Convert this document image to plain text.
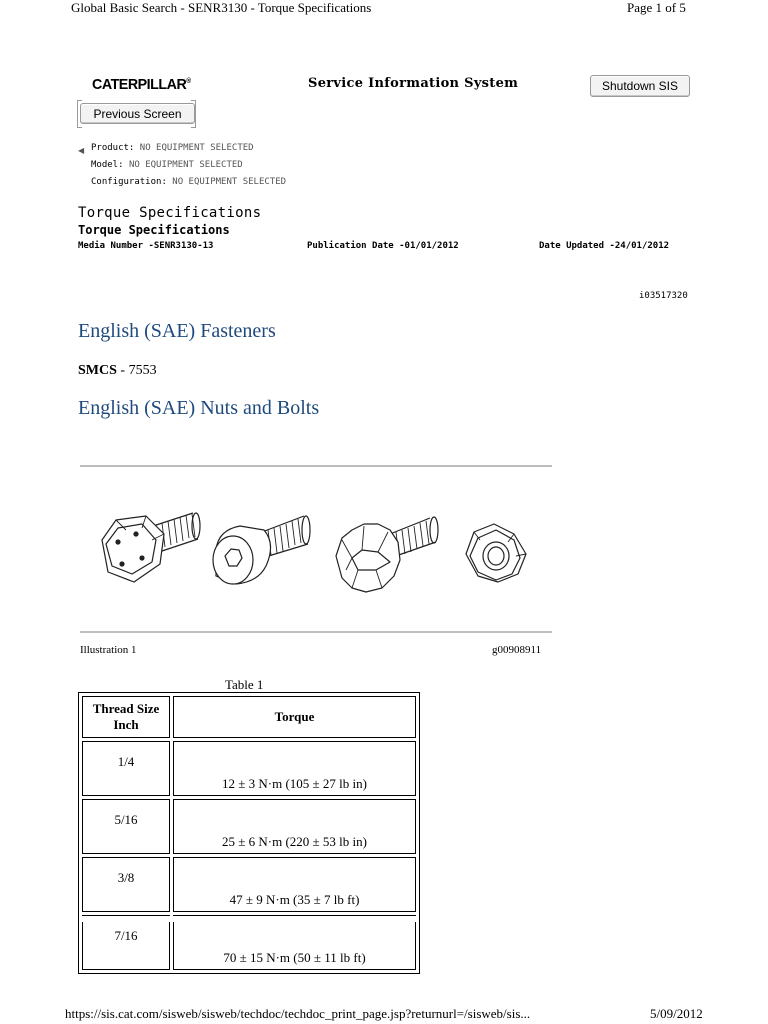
Global Basic Search - SENR3130 - Torque Specifications	Page 1 of 5
CATERPILLAR®	Service Information System	Shutdown SIS
Previous Screen
◀ Product: NO EQUIPMENT SELECTED
Model: NO EQUIPMENT SELECTED
Configuration: NO EQUIPMENT SELECTED
Torque Specifications
Torque Specifications
Media Number -SENR3130-13	Publication Date -01/01/2012	Date Updated -24/01/2012
i03517320
English (SAE) Fasteners
SMCS - 7553
English (SAE) Nuts and Bolts
Illustration 1	g00908911
Table 1
Thread Size Inch	Torque
1/4	12 ± 3 N·m (105 ± 27 lb in)
5/16	25 ± 6 N·m (220 ± 53 lb in)
3/8	47 ± 9 N·m (35 ± 7 lb ft)
7/16	70 ± 15 N·m (50 ± 11 lb ft)
https://sis.cat.com/sisweb/sisweb/techdoc/techdoc_print_page.jsp?returnurl=/sisweb/sis...	5/09/2012
